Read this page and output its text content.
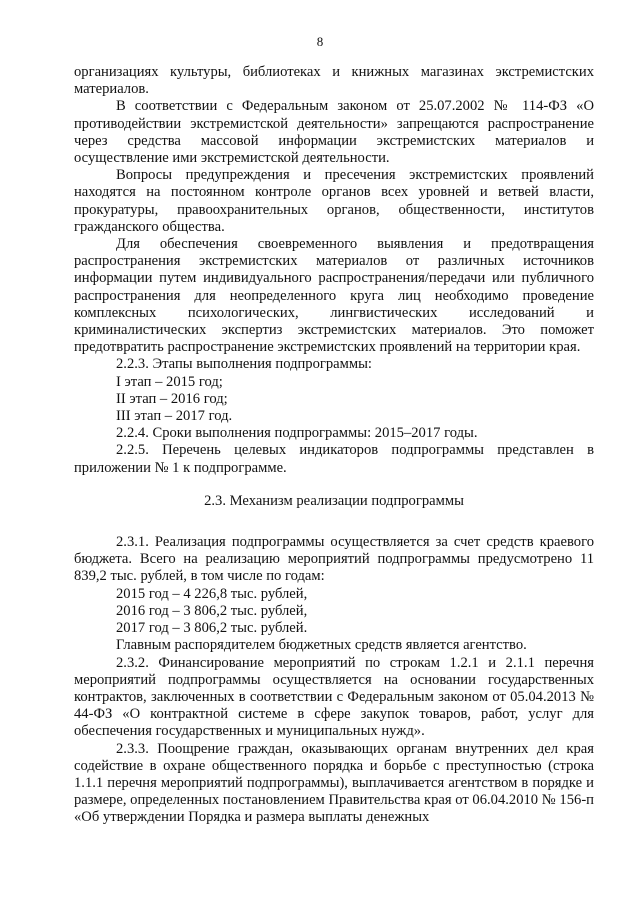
8

организациях культуры, библиотеках и книжных магазинах экстремистских материалов.

В соответствии с Федеральным законом от 25.07.2002 № 114-ФЗ «О противодействии экстремистской деятельности» запрещаются распространение через средства массовой информации экстремистских материалов и осуществление ими экстремистской деятельности.

Вопросы предупреждения и пресечения экстремистских проявлений находятся на постоянном контроле органов всех уровней и ветвей власти, прокуратуры, правоохранительных органов, общественности, институтов гражданского общества.

Для обеспечения своевременного выявления и предотвращения распространения экстремистских материалов от различных источников информации путем индивидуального распространения/передачи или публичного распространения для неопределенного круга лиц необходимо проведение комплексных психологических, лингвистических исследований и криминалистических экспертиз экстремистских материалов. Это поможет предотвратить распространение экстремистских проявлений на территории края.

2.2.3. Этапы выполнения подпрограммы:

I этап – 2015 год;

II этап – 2016 год;

III этап – 2017 год.

2.2.4. Сроки выполнения подпрограммы: 2015–2017 годы.

2.2.5. Перечень целевых индикаторов подпрограммы представлен в приложении № 1 к подпрограмме.

2.3. Механизм реализации подпрограммы

2.3.1. Реализация подпрограммы осуществляется за счет средств краевого бюджета. Всего на реализацию мероприятий подпрограммы предусмотрено 11 839,2 тыс. рублей, в том числе по годам:

2015 год – 4 226,8 тыс. рублей,

2016 год – 3 806,2 тыс. рублей,

2017 год – 3 806,2 тыс. рублей.

Главным распорядителем бюджетных средств является агентство.

2.3.2. Финансирование мероприятий по строкам 1.2.1 и 2.1.1 перечня мероприятий подпрограммы осуществляется на основании государственных контрактов, заключенных в соответствии с Федеральным законом от 05.04.2013 № 44-ФЗ «О контрактной системе в сфере закупок товаров, работ, услуг для обеспечения государственных и муниципальных нужд».

2.3.3. Поощрение граждан, оказывающих органам внутренних дел края содействие в охране общественного порядка и борьбе с преступностью (строка 1.1.1 перечня мероприятий подпрограммы), выплачивается агентством в порядке и размере, определенных постановлением Правительства края от 06.04.2010 № 156-п «Об утверждении Порядка и размера выплаты денежных
